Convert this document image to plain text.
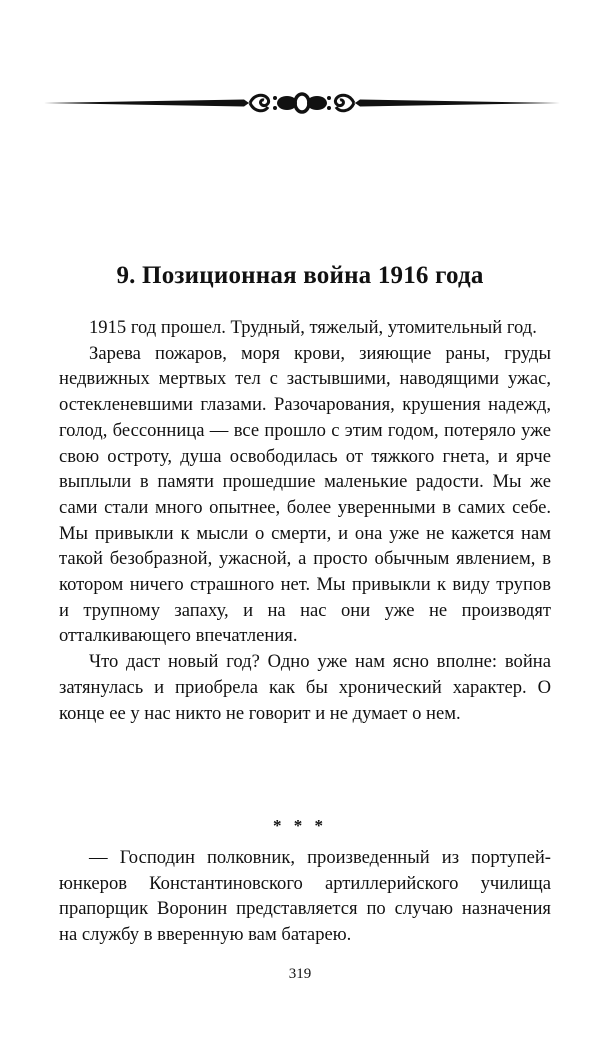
9. Позиционная война 1916 года

1915 год прошел. Трудный, тяжелый, утомительный год.

Зарева пожаров, моря крови, зияющие раны, груды недвижных мертвых тел с застывшими, наводящими ужас, остекленевшими глазами. Разочарования, крушения надежд, голод, бессонница — все прошло с этим годом, потеряло уже свою остроту, душа освободилась от тяжкого гнета, и ярче выплыли в памяти прошедшие маленькие радости. Мы же сами стали много опытнее, более уверенными в самих себе. Мы привыкли к мысли о смерти, и она уже не кажется нам такой безобразной, ужасной, а просто обычным явлением, в котором ничего страшного нет. Мы привыкли к виду трупов и трупному запаху, и на нас они уже не производят отталкивающего впечатления.

Что даст новый год? Одно уже нам ясно вполне: война затянулась и приобрела как бы хронический характер. О конце ее у нас никто не говорит и не думает о нем.

* * *

— Господин полковник, произведенный из портупей-юнкеров Константиновского артиллерийского училища прапорщик Воронин представляется по случаю назначения на службу в вверенную вам батарею.

319
